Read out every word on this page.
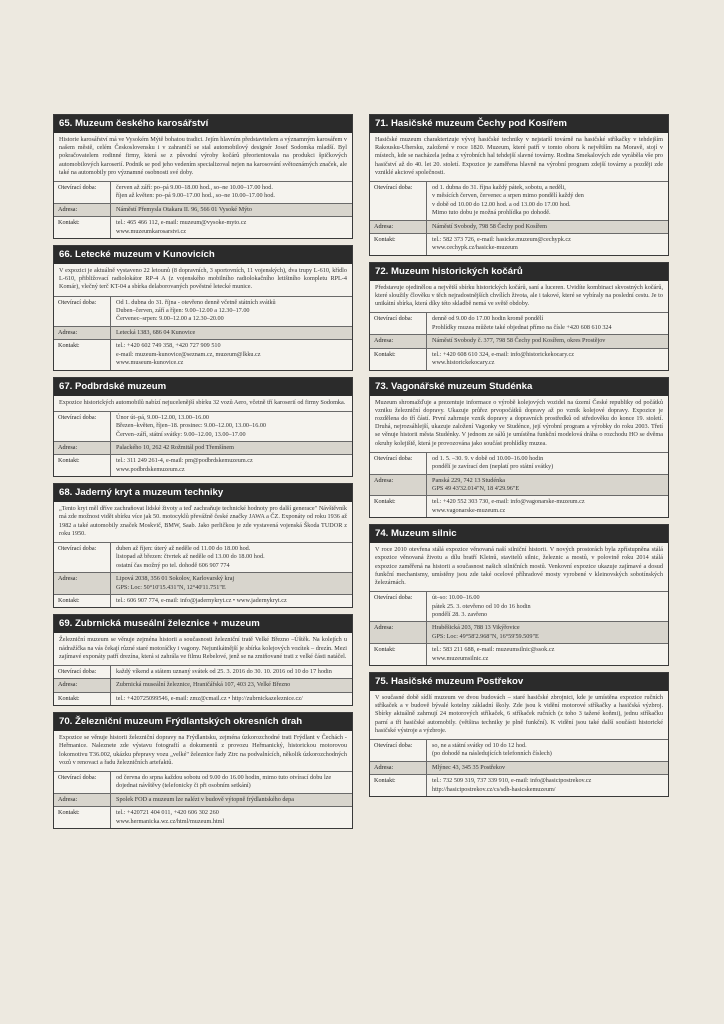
65. Muzeum českého karosářství
Historie karosářství má ve Vysokém Mýtě bohatou tradici. Jejím hlavním představitelem a významným karosářem v našem městě, celém Československu i v zahraničí se stal automobilový designér Josef Sodomka mladší. Byl pokračovatelem rodinné firmy, která se z původní výroby kočárů přeorientovala na produkci špičkových automobilových karoserií. Podnik se pod jeho vedením specializoval nejen na karosování světoznámých značek, ale také na automobily pro významné osobnosti své doby.
Otevírací doba:	červen až září: po–pá 9.00–18.00 hod., so–ne 10.00–17.00 hod.
říjen až květen: po–pá 9.00–17.00 hod., so–ne 10.00–17.00 hod.
Adresa:	Náměstí Přemysla Otakara II. 96, 566 01 Vysoké Mýto
Kontakt:	tel.: 465 466 112, e-mail: muzeum@vysoke-myto.cz
www.muzeumkarosarstvi.cz
66. Letecké muzeum v Kunovicích
V expozici je aktuálně vystaveno 22 letounů (8 dopravních, 3 sportovních, 11 vojenských), dva trupy L-610, křídlo L-610, přibližovací radiolokátor RP-4 A (z vojenského mobilního radiolokačního letištního kompletu RPL-4 Komár), vlečný terč KT-04 a sbírka delaborovaných pověstné letecké munice.
Otevírací doba:	Od 1. dubna do 31. října - otevřeno denně včetně státních svátků
Duben–červen, září a říjen: 9.00–12.00 a 12.30–17.00
Červenec–srpen: 9.00–12.00 a 12.30–20.00
Adresa:	Letecká 1383, 686 04 Kunovice
Kontakt:	tel.: +420 602 749 358, +420 727 909 510
e-mail: muzeum-kunovice@seznam.cz, muzeum@lkku.cz
www.museum-kunovice.cz
67. Podbrdské muzeum
Expozice historických automobilů nabízí nejucelenější sbírku 32 vozů Aero, včetně tří karoserií od firmy Sodomka.
Otevírací doba:	Únor út–pá, 9.00–12.00, 13.00–16.00
Březen–květen, říjen–18. prosinec: 9.00–12.00, 13.00–16.00
Červen–září, státní svátky: 9.00–12.00, 13.00–17.00
Adresa:	Palackého 10, 262 42 Rožmitál pod Třemšínem
Kontakt:	tel.: 311 249 261-4, e-mail: pm@podbrdskemuzeum.cz
www.podbrdskemuzeum.cz
68. Jaderný kryt a muzeum techniky
„Tento kryt měl dříve zachraňovat lidské životy a teď zachraňuje technické hodnoty pro další generace" Návštěvník má zde možnost vidět sbírku více jak 50. motocyklů převážně české značky JAWA a ČZ. Exponáty od roku 1936 až 1982 a také automobily značek Moskvič, BMW, Saab. Jako perličkou je zde vystavená vojenská Škoda TUDOR z roku 1950.
Otevírací doba:	duben až říjen: úterý až neděle od 11.00 do 18.00 hod.
listopad až březen: čtvrtek až neděle od 13.00 do 18.00 hod.
ostatní čas možný po tel. dohodě 606 907 774
Adresa:	Lipová 2038, 356 01 Sokolov, Karlovarský kraj
GPS: Loc: 50°10'15.431"N, 12°40'11.751"E
Kontakt:	tel.: 606 907 774, e-mail: info@jadernykryt.cz • www.jadernykryt.cz
69. Zubrnická museální železnice + muzeum
Železniční muzeum se věnuje zejména historii a současnosti železniční tratě Velké Březno –Úštěk. Na kolejích u nádražíčka na vás čekají různé staré motoráčky i vagony. Nejunikátnější je sbírka kolejových vozítek – drezín. Mezi zajímavé exponáty patří drezína, která si zahrála ve filmu Rebelové, jenž se na zmiňované trati z velké části natáčel.
Otevírací doba:	každý víkend a státem uznaný svátek od 25. 3. 2016 do 30. 10. 2016 od 10 do 17 hodin
Adresa:	Zubrnická museální železnice, Hraničářská 107, 403 23, Velké Březno
Kontakt:	tel.: +420725099546, e-mail: zmz@cmail.cz • http://zubrnickazeleznice.cz/
70. Železniční muzeum Frýdlantských okresních drah
Expozice se věnuje historii železniční dopravy na Frýdlantsku, zejména úzkorozchodné trati Frýdlant v Čechách - Heřmanice. Naleznete zde výstavu fotografií a dokumentů z provozu Heřmanický, historickou motorovou lokomotivu T36.002, ukázku přepravy vozu „velké" železnice řady Ztrc na podvalnících, několik úzkorozchodných vozů v renovaci a řadu železničních artefaktů.
Otevírací doba:	od června do srpna každou sobotu od 9.00 do 16.00 hodin, mimo tuto otvírací dobu lze dojednat návštěvy (telefonicky či při osobním setkání)
Adresa:	Spolek FOD a muzeum lze nalézt v budově výtopně frýdlantského depa
Kontakt:	tel.: +420721 404 011, +420 606 302 260
www.hermanicka.wz.cz/html/muzeum.html
71. Hasičské muzeum Čechy pod Kosířem
Hasičské muzeum charakterizuje vývoj hasičské techniky v nejstarší továrně na hasičské stříkačky v tehdejším Rakousku-Uhersku, založené v roce 1820. Muzeum, které patří v tomto oboru k největším na Moravě, stojí v místech, kde se nacházela jedna z výrobních hal tehdejší slavné továrny. Rodina Smekalových zde vyráběla vše pro hasičství až do 40. let 20. století. Expozice je zaměřena hlavně na výrobní program zdejší továrny a později zde vzniklé akciové společnosti.
Otevírací doba:	od 1. dubna do 31. října každý pátek, sobotu, a neděli,
v měsících červen, červenec a srpen mimo pondělí každý den
v době od 10.00 do 12.00 hod. a od 13.00 do 17.00 hod.
Mimo tuto dobu je možná prohlídka po dohodě.
Adresa:	Náměstí Svobody, 798 58 Čechy pod Kosířem
Kontakt:	tel.: 582 373 726, e-mail: hasicke.muzeum@cechypk.cz
www.cechypk.cz/hasicke-muzeum
72. Muzeum historických kočárů
Představuje ojedinělou a největší sbírku historických kočárů, saní a luceren. Uvidíte kombinaci skvostných kočárů, které sloužily člověku v těch nejradostnějších chvílích života, ale i takové, které se vybíraly na poslední cestu. Je to unikátní sbírka, která díky této skladbě nemá ve světě obdoby.
Otevírací doba:	denně od 9.00 do 17.00 hodin kromě pondělí
Prohlídky muzea můžete také objednat přímo na čísle +420 608 610 324
Adresa:	Náměstí Svobody č. 377, 798 58 Čechy pod Kosířem, okres Prostějov
Kontakt:	tel.: +420 608 610 324, e-mail: info@historickekocary.cz
www.historickekocary.cz
73. Vagonářské muzeum Studénka
Muzeum shromažďuje a prezentuje informace o výrobě kolejových vozidel na území České republiky od počátků vzniku železniční dopravy. Ukazuje průřez prvopočátků dopravy až po vznik kolejové dopravy. Expozice je rozdělena do tří částí. První zahrnuje vznik dopravy a dopravních prostředků od středověku do konce 19. století. Druhá, nejrozsáhlejší, ukazuje založení Vagonky ve Studénce, její výrobní program a výrobky do roku 2003. Třetí se věnuje historii města Studénky. V jednom ze sálů je umístěna funkční modelová dráha o rozchodu HO se dvěma okruhy kolejiště, která je provozována jako součást prohlídky muzea.
Otevírací doba:	od 1. 5. –30. 9. v době od 10.00–16.00 hodin
pondělí je zavírací den (neplatí pro státní svátky)
Adresa:	Panská 229, 742 13 Studénka
GPS 49 43'32.014"N, 18 4'29.96"E
Kontakt:	tel.: +420 552 303 730, e-mail: info@vagonarske-muzeum.cz
www.vagonarske-muzeum.cz
74. Muzeum silnic
V roce 2010 otevřena stálá expozice věnovaná naší silniční historii. V nových prostorách byla zpřístupněna stálá expozice věnovaná životu a dílu bratří Kleinů, stavitelů silnic, železnic a mostů, v polovině roku 2014 stálá expozice zaměřená na historii a současnost našich silničních mostů. Venkovní expozice ukazuje zajímavé a dosud funkční mechanismy, umístěny jsou zde také ocelové příhradové mosty vyrobené v kleinovských sobotínských železárnách.
Otevírací doba:	út–so: 10.00–16.00
pátek 25. 3. otevřeno od 10 do 16 hodin
pondělí 28. 3. zavřeno
Adresa:	Hraběšická 203, 788 13 Vikýřovice
GPS: Loc: 49°58'2.968"N, 16°59'59.509"E
Kontakt:	tel.: 583 211 688, e-mail: muzeumsilnic@ssok.cz
www.muzeumsilnic.cz
75. Hasičské muzeum Postřekov
V současné době sídlí muzeum ve dvou budovách – staré hasičské zbrojnici, kde je umístěna expozice ručních stříkaček a v budově bývalé kotelny základní školy. Zde jsou k vidění motorové stříkačky a hasičská výzbroj. Sbírky aktuálně zahrnují 24 motorových stříkaček, 6 stříkaček ručních (z toho 3 tažené koňmi), jednu stříkačku parní a tři hasičské automobily. (většina techniky je plně funkční). K vidění jsou také další součásti historické hasičské výstroje a výzbroje.
Otevírací doba:	so, ne a státní svátky od 10 do 12 hod.
(po dohodě na následujících telefonních číslech)
Adresa:	Mlýnec 43, 345 35 Postřekov
Kontakt:	tel.: 732 509 319, 737 339 910, e-mail: info@hasicipostrekov.cz
http://hasicipostrekov.cz/cs/sdh-hasicskemuzeum/
